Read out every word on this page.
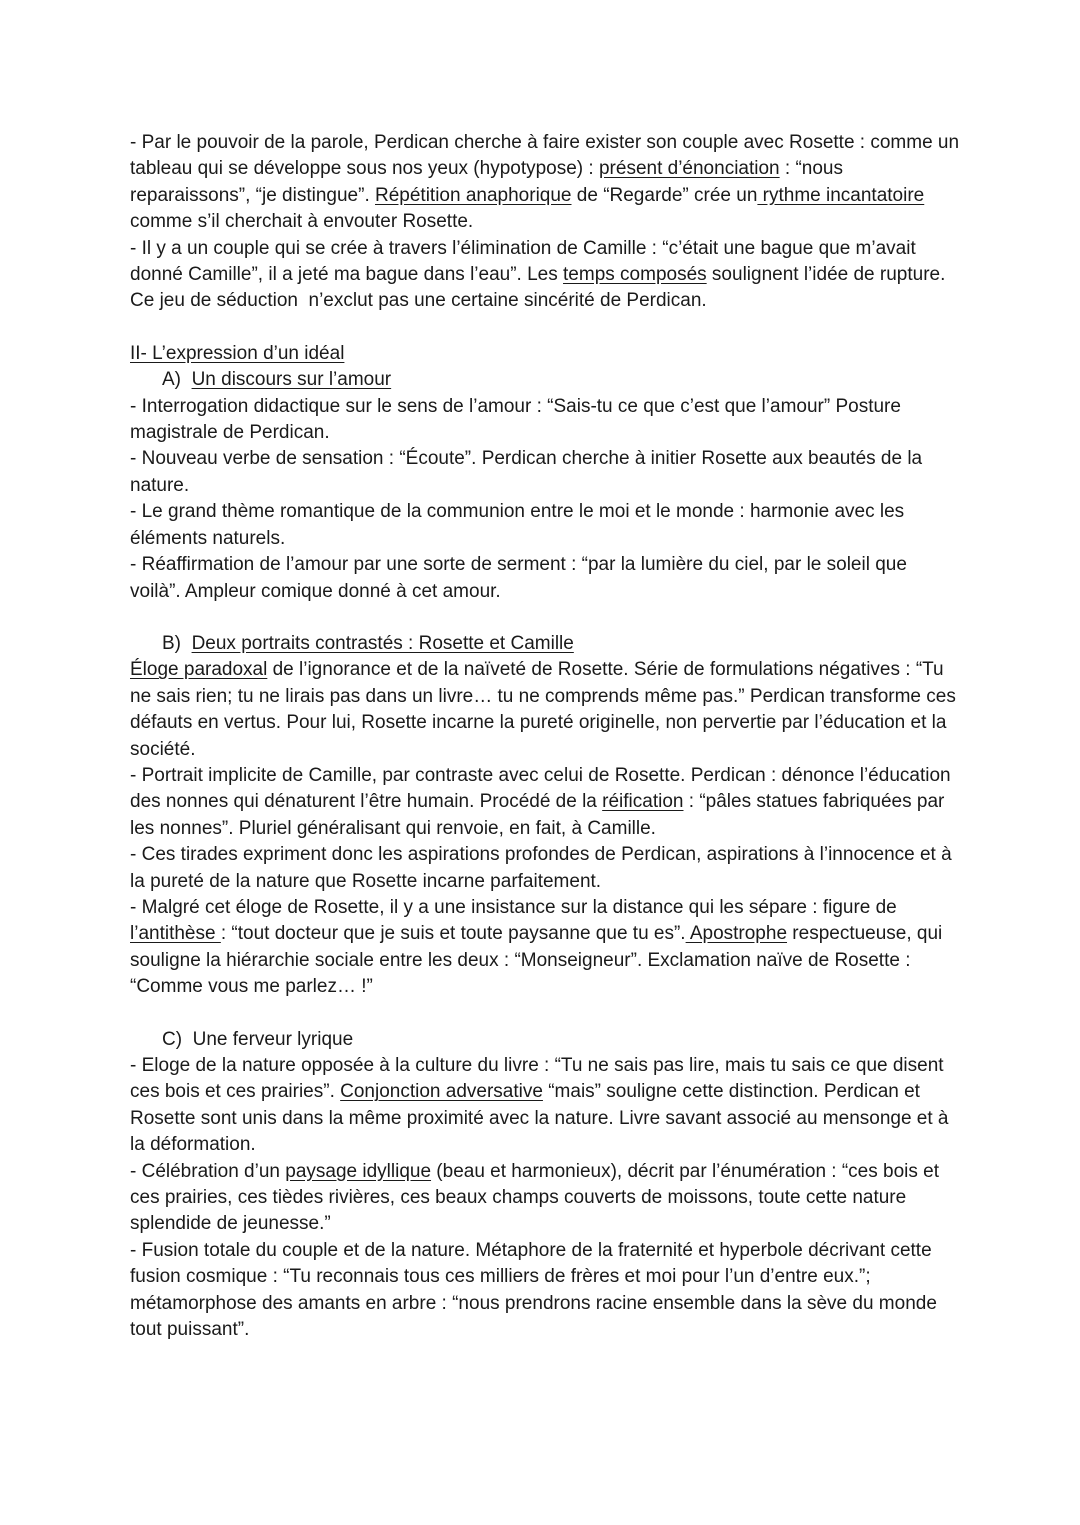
- Par le pouvoir de la parole, Perdican cherche à faire exister son couple avec Rosette : comme un tableau qui se développe sous nos yeux (hypotypose) : présent d’énonciation : “nous reparaissons”, “je distingue”. Répétition anaphorique de “Regarde” crée un rythme incantatoire comme s’il cherchait à envouter Rosette.

- Il y a un couple qui se crée à travers l’élimination de Camille : “c’était une bague que m’avait donné Camille”, il a jeté ma bague dans l’eau”. Les temps composés soulignent l’idée de rupture.

Ce jeu de séduction  n’exclut pas une certaine sincérité de Perdican.

II- L’expression d’un idéal

A) Un discours sur l’amour

- Interrogation didactique sur le sens de l’amour : “Sais-tu ce que c’est que l’amour” Posture magistrale de Perdican.

- Nouveau verbe de sensation : “Écoute”. Perdican cherche à initier Rosette aux beautés de la nature.

- Le grand thème romantique de la communion entre le moi et le monde : harmonie avec les éléments naturels.

- Réaffirmation de l’amour par une sorte de serment : “par la lumière du ciel, par le soleil que voilà”. Ampleur comique donné à cet amour.

B) Deux portraits contrastés : Rosette et Camille

Éloge paradoxal de l’ignorance et de la naïveté de Rosette. Série de formulations négatives : “Tu ne sais rien; tu ne lirais pas dans un livre… tu ne comprends même pas.” Perdican transforme ces défauts en vertus. Pour lui, Rosette incarne la pureté originelle, non pervertie par l’éducation et la société.

- Portrait implicite de Camille, par contraste avec celui de Rosette. Perdican : dénonce l’éducation des nonnes qui dénaturent l’être humain. Procédé de la réification : “pâles statues fabriquées par les nonnes”. Pluriel généralisant qui renvoie, en fait, à Camille.

- Ces tirades expriment donc les aspirations profondes de Perdican, aspirations à l’innocence et à la pureté de la nature que Rosette incarne parfaitement.

- Malgré cet éloge de Rosette, il y a une insistance sur la distance qui les sépare : figure de l’antithèse : “tout docteur que je suis et toute paysanne que tu es”. Apostrophe respectueuse, qui souligne la hiérarchie sociale entre les deux : “Monseigneur”. Exclamation naïve de Rosette : “Comme vous me parlez… !”

C) Une ferveur lyrique

- Eloge de la nature opposée à la culture du livre : “Tu ne sais pas lire, mais tu sais ce que disent ces bois et ces prairies”. Conjonction adversative “mais” souligne cette distinction. Perdican et Rosette sont unis dans la même proximité avec la nature. Livre savant associé au mensonge et à la déformation.

- Célébration d’un paysage idyllique (beau et harmonieux), décrit par l’énumération : “ces bois et ces prairies, ces tièdes rivières, ces beaux champs couverts de moissons, toute cette nature splendide de jeunesse.”

- Fusion totale du couple et de la nature. Métaphore de la fraternité et hyperbole décrivant cette fusion cosmique : “Tu reconnais tous ces milliers de frères et moi pour l’un d’entre eux.”; métamorphose des amants en arbre : “nous prendrons racine ensemble dans la sève du monde tout puissant”.
